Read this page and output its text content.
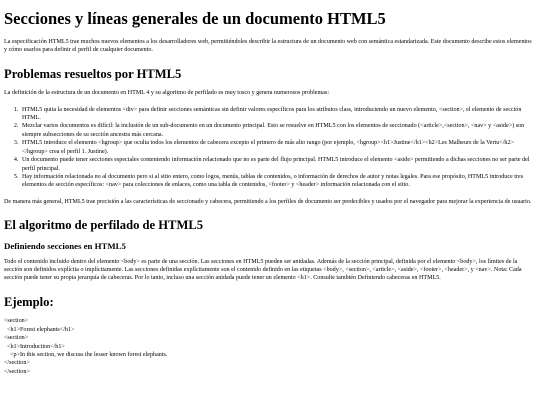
Secciones y líneas generales de un documento HTML5

La especificación HTML5 trae muchos nuevos elementos a los desarrolladores web, permitiéndoles describir la estructura de un documento web con semántica estandarizada. Este documento describe estos elementos y cómo usarlos para definir el perfil de cualquier documento.

Problemas resueltos por HTML5

La definición de la estructura de un documento en HTML 4 y su algoritmo de perfilado es muy tosco y genera numerosos problemas:

1. HTML5 quita la necesidad de elementos <div> para definir secciones semánticas sin definir valores específicos para los atributos class, introduciendo un nuevo elemento, <section>, el elemento de sección HTML.
2. Mezclar varios documentos es difícil: la inclusión de un sub-documento en un documento principal. Esto se resuelve en HTML5 con los elementos de seccionado (<article>,<section>, <nav> y <aside>) son siempre subsecciones de su sección ancestra más cercana.
3. HTML5 introduce el elemento <hgroup> que oculta todos los elementos de cabecera excepto el primero de más alto rango (por ejemplo, <hgroup><h1>Justine</h1><h2>Les Malheurs de la Vertu</h2></hgroup> crea el perfil 1. Justine).
4. Un documento puede tener secciones especiales conteniendo información relacionado que no es parte del flujo principal. HTML5 introduce el elemento <aside> permitiendo a dichas secciones no ser parte del perfil principal.
5. Hay información relacionada no al documento pero si al sitio entero, como logos, menús, tablas de contenidos, o información de derechos de autor y notas legales. Para ese propósito, HTML5 introduce tres elementos de sección específicos: <nav> para colecciones de enlaces, como una tabla de contenidos, <footer> y <header> información relacionada con el sitio.

De manera más general, HTML5 trae precisión a las características de seccionado y cabecera, permitiendo a los perfiles de documento ser predecibles y usados por el navegador para mejorar la experiencia de usuario.

El algoritmo de perfilado de HTML5
Definiendo secciones en HTML5

Todo el contenido incluido dentro del elemento <body> es parte de una sección. Las secciones en HTML5 pueden ser anidadas. Además de la sección principal, definida por el elemento <body>, los límites de la sección son definidos explícita o implícitamente. Las secciones definidas explícitamente son el contenido definido en las etiquetas <body>, <section>, <article>, <aside>, <footer>, <header>, y <nav>. Nota: Cada sección puede tener su propia jerarquía de cabeceras. Por lo tanto, incluso una sección anidada puede tener un elemento <h1>. Consulte también Definiendo cabeceras en HTML5.

Ejemplo:
<section>
<h1>Forest elephants</h1>
<section>
<h1>Introduction</h1>
<p>In this section, we discuss the lesser known forest elephants.
</section>
</section>
